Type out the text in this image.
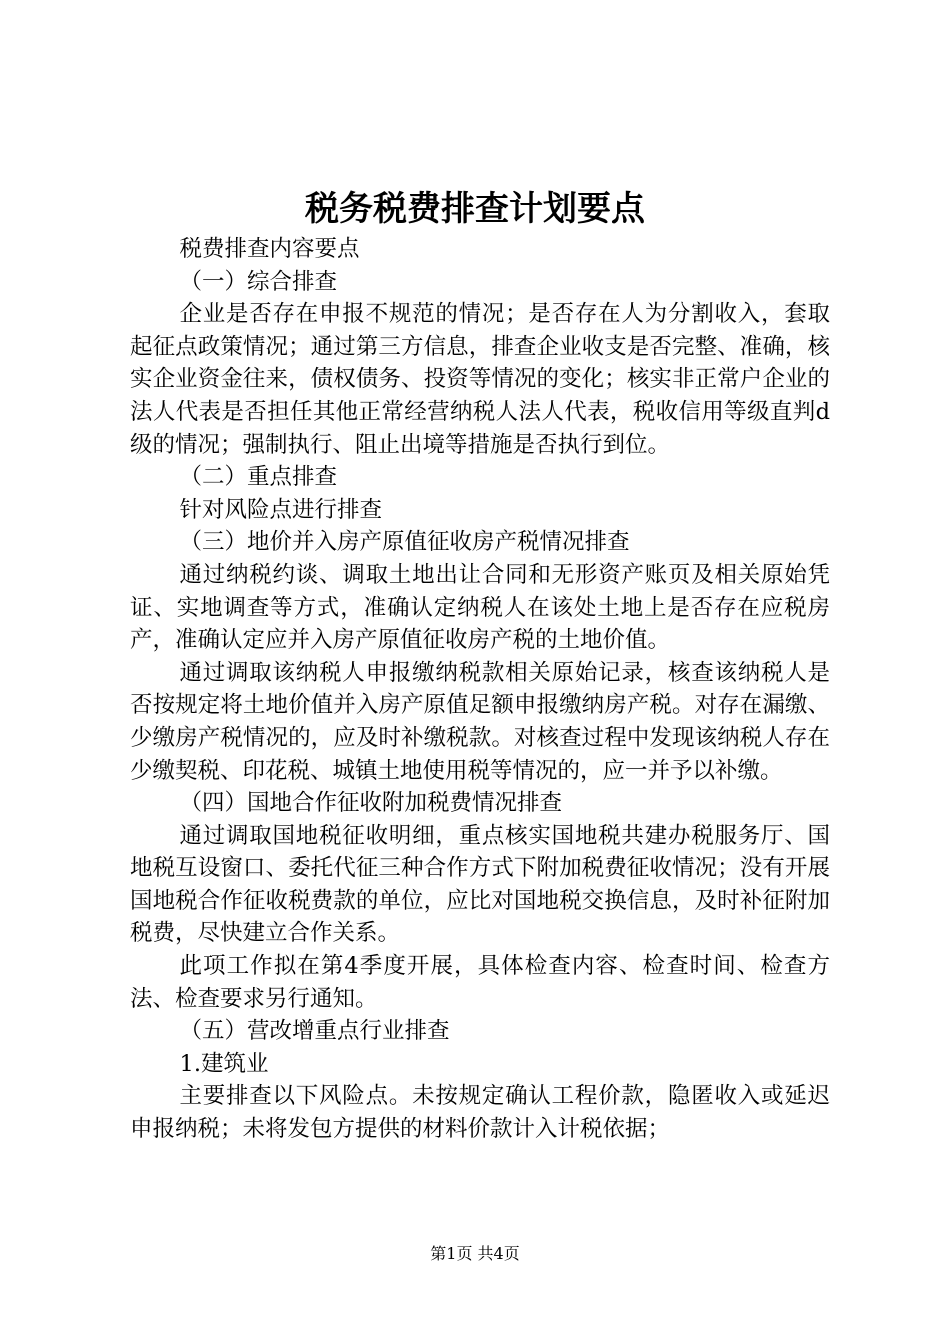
税务税费排查计划要点

税费排查内容要点

（一）综合排查

企业是否存在申报不规范的情况；是否存在人为分割收入，套取起征点政策情况；通过第三方信息，排查企业收支是否完整、准确，核实企业资金往来，债权债务、投资等情况的变化；核实非正常户企业的法人代表是否担任其他正常经营纳税人法人代表，税收信用等级直判d级的情况；强制执行、阻止出境等措施是否执行到位。

（二）重点排查

针对风险点进行排查

（三）地价并入房产原值征收房产税情况排查

通过纳税约谈、调取土地出让合同和无形资产账页及相关原始凭证、实地调查等方式，准确认定纳税人在该处土地上是否存在应税房产，准确认定应并入房产原值征收房产税的土地价值。

通过调取该纳税人申报缴纳税款相关原始记录，核查该纳税人是否按规定将土地价值并入房产原值足额申报缴纳房产税。对存在漏缴、少缴房产税情况的，应及时补缴税款。对核查过程中发现该纳税人存在少缴契税、印花税、城镇土地使用税等情况的，应一并予以补缴。

（四）国地合作征收附加税费情况排查

通过调取国地税征收明细，重点核实国地税共建办税服务厅、国地税互设窗口、委托代征三种合作方式下附加税费征收情况；没有开展国地税合作征收税费款的单位，应比对国地税交换信息，及时补征附加税费，尽快建立合作关系。

此项工作拟在第4季度开展，具体检查内容、检查时间、检查方法、检查要求另行通知。

（五）营改增重点行业排查

1.建筑业

主要排查以下风险点。未按规定确认工程价款，隐匿收入或延迟申报纳税；未将发包方提供的材料价款计入计税依据；

第1页 共4页
